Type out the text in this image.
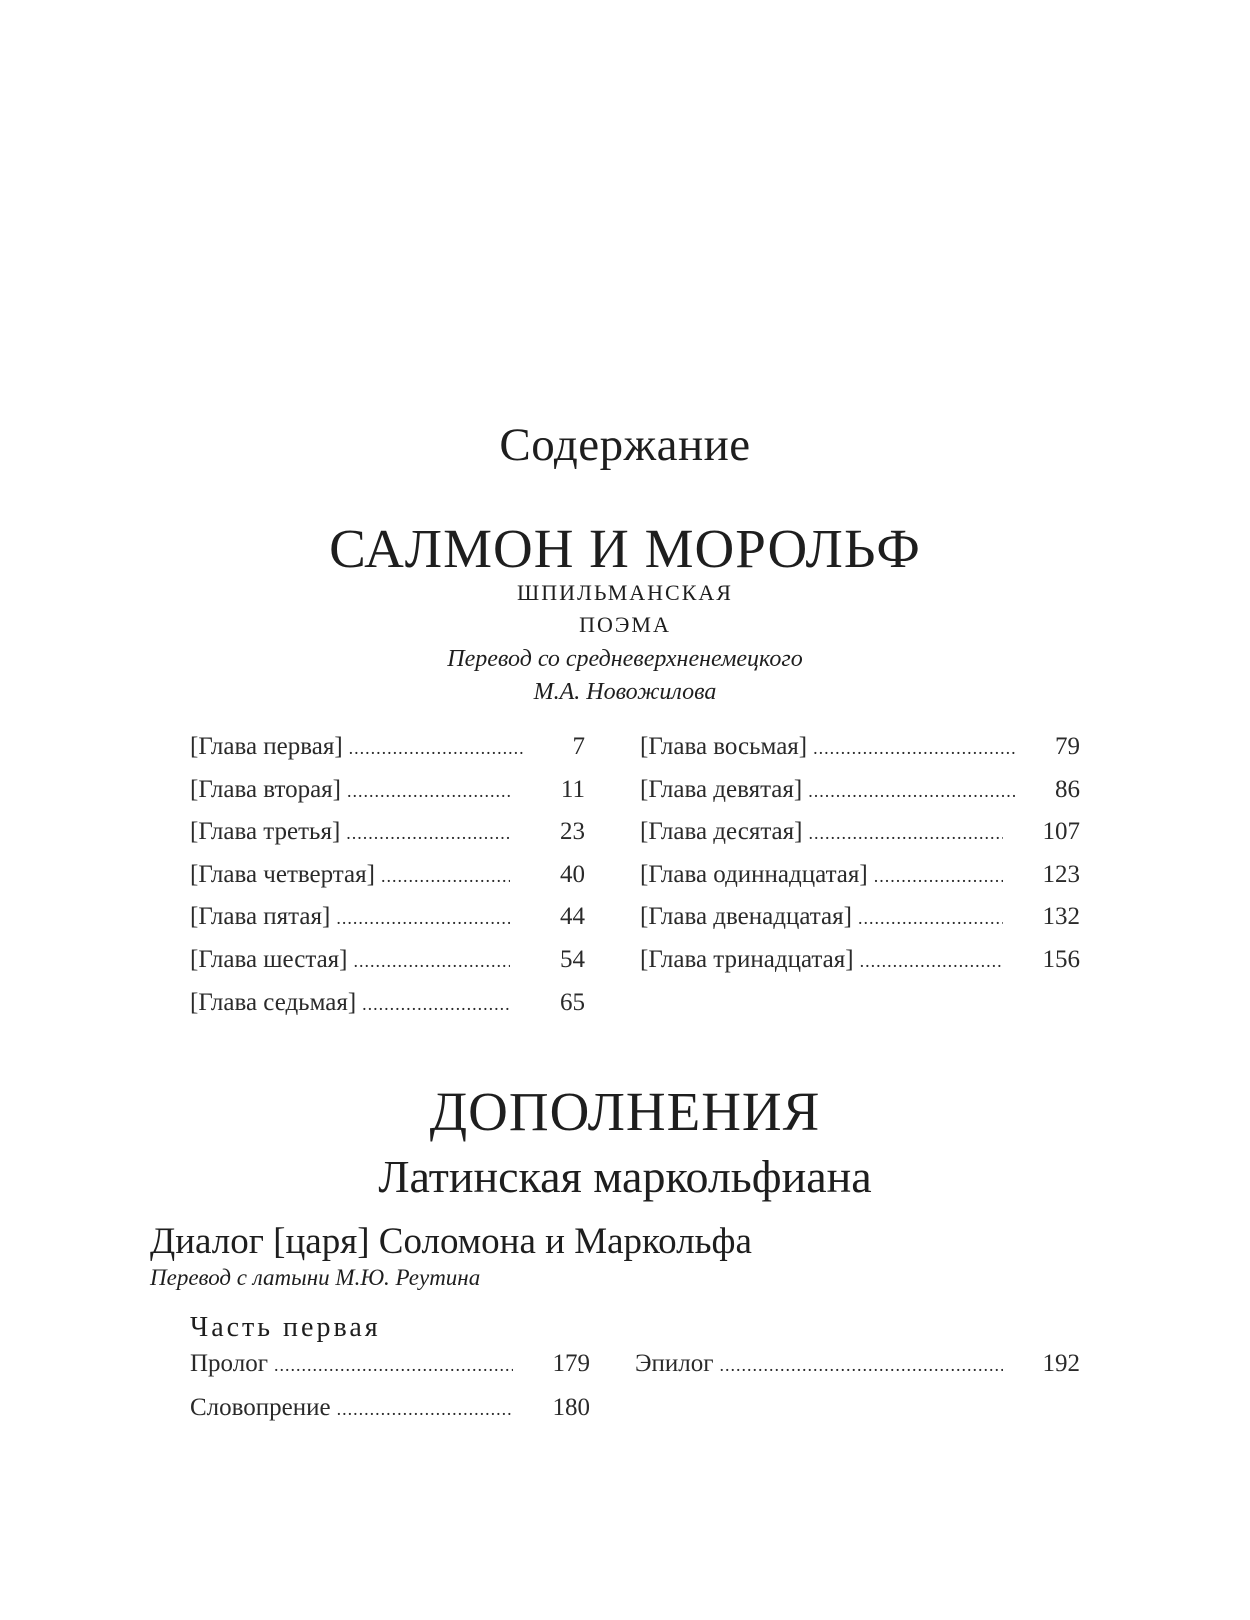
Содержание
САЛМОН И МОРОЛЬФ
ШПИЛЬМАНСКАЯ
ПОЭМА
Перевод со средневерхненемецкого
М.А. Новожилова
[Глава первая] .....	7
[Глава вторая] .....	11
[Глава третья] .....	23
[Глава четвертая] .....	40
[Глава пятая] .....	44
[Глава шестая] .....	54
[Глава седьмая] .....	65
[Глава восьмая] .....	79
[Глава девятая] .....	86
[Глава десятая] .....	107
[Глава одиннадцатая] .....	123
[Глава двенадцатая] .....	132
[Глава тринадцатая] .....	156
ДОПОЛНЕНИЯ
Латинская маркольфиана
Диалог [царя] Соломона и Маркольфа
Перевод с латыни М.Ю. Реутина
Часть первая
Пролог .....	179
Словопрение .....	180
Эпилог .....	192
